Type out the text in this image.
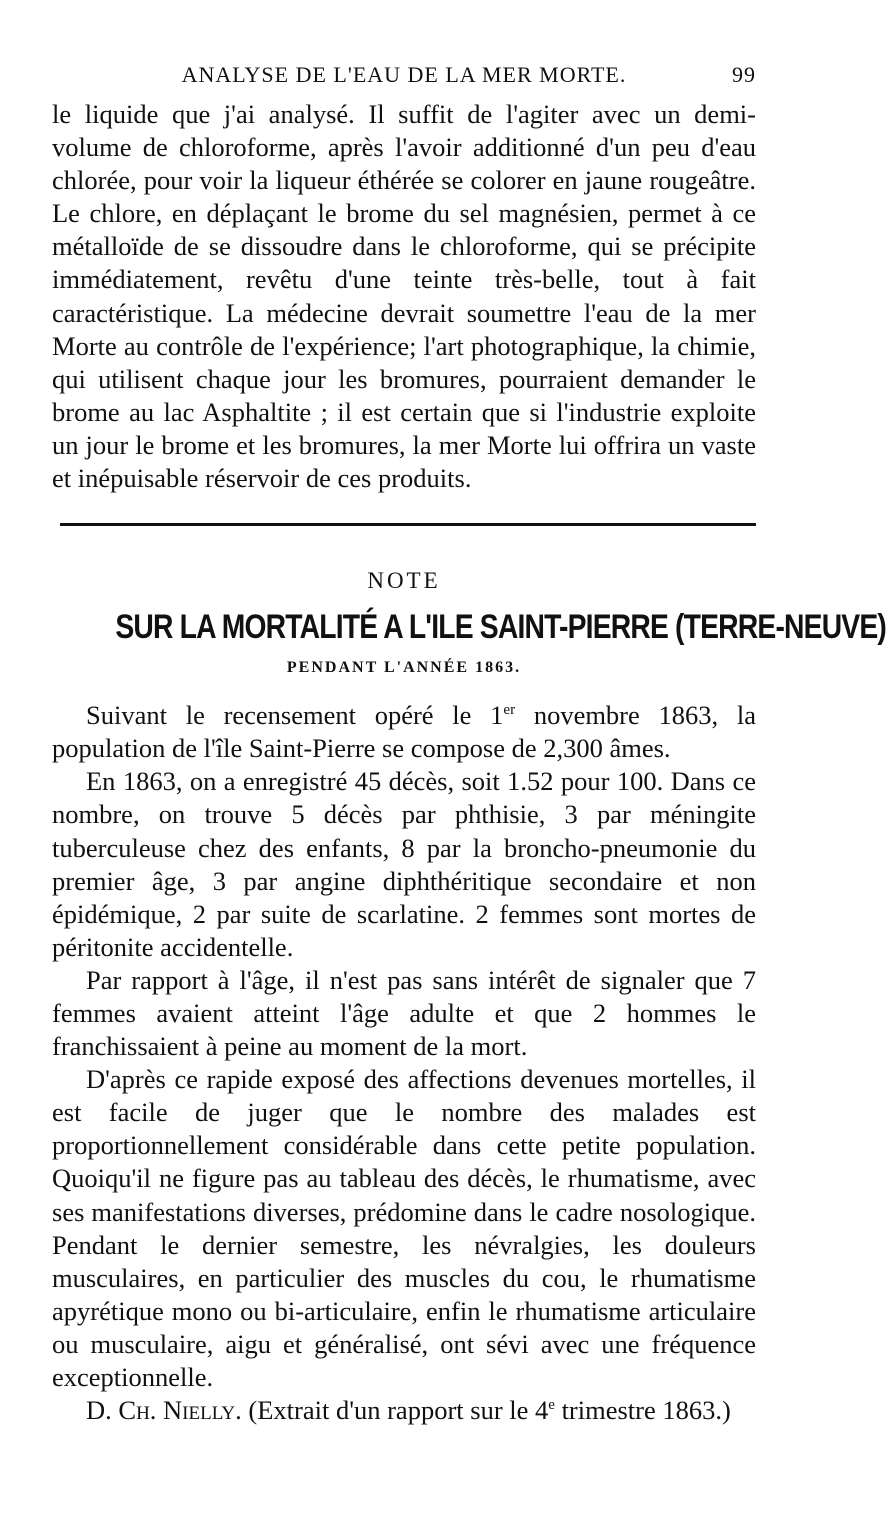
ANALYSE DE L'EAU DE LA MER MORTE.	99

le liquide que j'ai analysé. Il suffit de l'agiter avec un demi-volume de chloroforme, après l'avoir additionné d'un peu d'eau chlorée, pour voir la liqueur éthérée se colorer en jaune rougeâtre. Le chlore, en déplaçant le brome du sel magnésien, permet à ce métalloïde de se dissoudre dans le chloroforme, qui se précipite immédiatement, revêtu d'une teinte très-belle, tout à fait caractéristique. La médecine devrait soumettre l'eau de la mer Morte au contrôle de l'expérience; l'art photographique, la chimie, qui utilisent chaque jour les bromures, pourraient demander le brome au lac Asphaltite ; il est certain que si l'industrie exploite un jour le brome et les bromures, la mer Morte lui offrira un vaste et inépuisable réservoir de ces produits.

NOTE
SUR LA MORTALITÉ A L'ILE SAINT-PIERRE (TERRE-NEUVE)
PENDANT L'ANNÉE 1863.

Suivant le recensement opéré le 1er novembre 1863, la population de l'île Saint-Pierre se compose de 2,300 âmes.

En 1863, on a enregistré 45 décès, soit 1.52 pour 100. Dans ce nombre, on trouve 5 décès par phthisie, 3 par méningite tuberculeuse chez des enfants, 8 par la broncho-pneumonie du premier âge, 3 par angine diphthéritique secondaire et non épidémique, 2 par suite de scarlatine. 2 femmes sont mortes de péritonite accidentelle.

Par rapport à l'âge, il n'est pas sans intérêt de signaler que 7 femmes avaient atteint l'âge adulte et que 2 hommes le franchissaient à peine au moment de la mort.

D'après ce rapide exposé des affections devenues mortelles, il est facile de juger que le nombre des malades est proportionnellement considérable dans cette petite population. Quoiqu'il ne figure pas au tableau des décès, le rhumatisme, avec ses manifestations diverses, prédomine dans le cadre nosologique. Pendant le dernier semestre, les névralgies, les douleurs musculaires, en particulier des muscles du cou, le rhumatisme apyrétique mono ou bi-articulaire, enfin le rhumatisme articulaire ou musculaire, aigu et généralisé, ont sévi avec une fréquence exceptionnelle.

D. Ch. Nielly. (Extrait d'un rapport sur le 4e trimestre 1863.)
